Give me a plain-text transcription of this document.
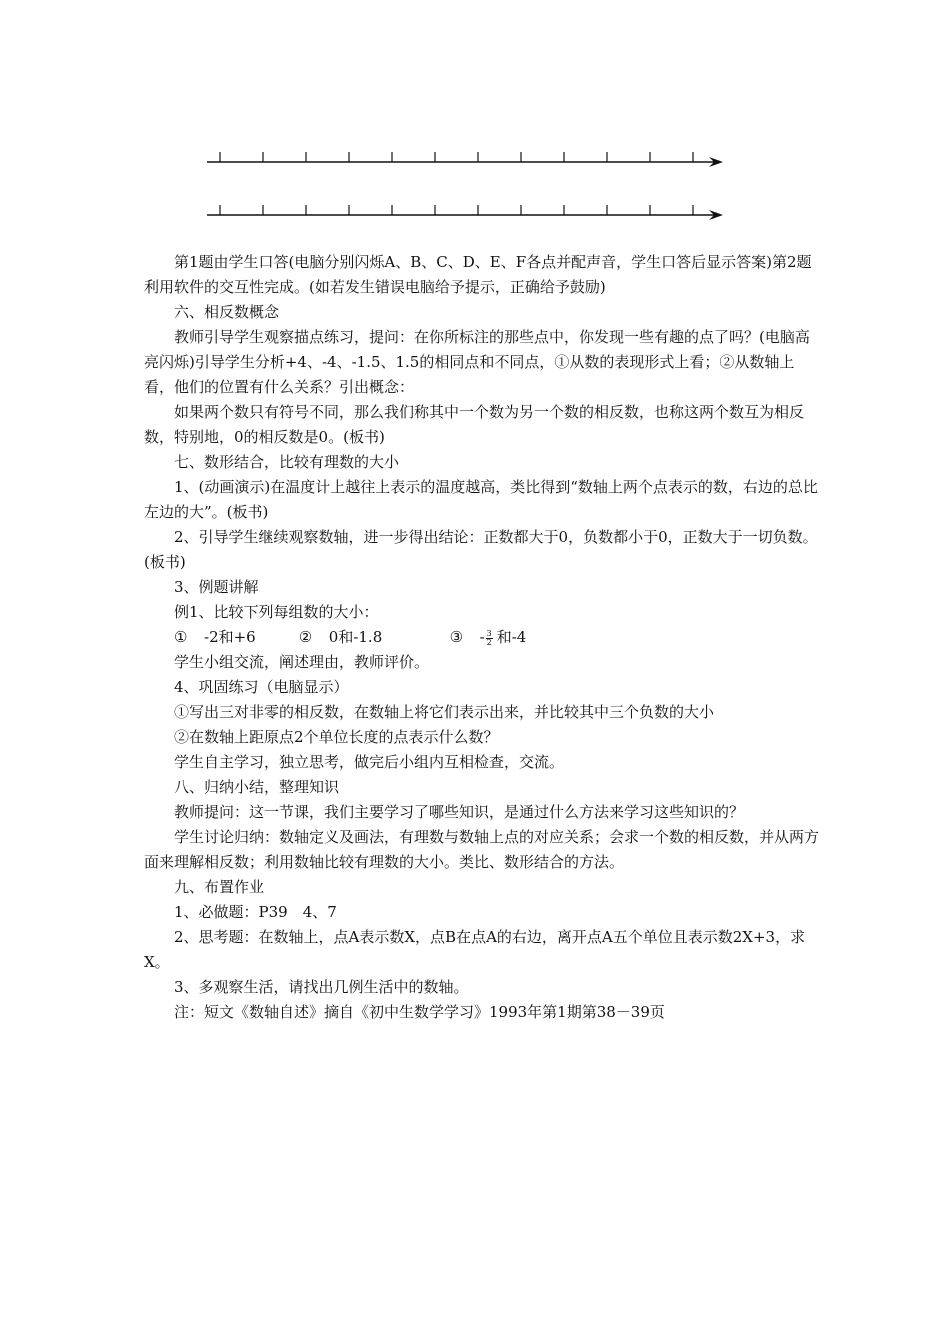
第1题由学生口答(电脑分别闪烁A、B、C、D、E、F各点并配声音，学生口答后显示答案)第2题利用软件的交互性完成。(如若发生错误电脑给予提示，正确给予鼓励)

六、相反数概念

教师引导学生观察描点练习，提问：在你所标注的那些点中，你发现一些有趣的点了吗？(电脑高亮闪烁)引导学生分析+4、-4、-1.5、1.5的相同点和不同点，①从数的表现形式上看；②从数轴上看，他们的位置有什么关系？引出概念：

如果两个数只有符号不同，那么我们称其中一个数为另一个数的相反数，也称这两个数互为相反数，特别地，0的相反数是0。(板书)

七、数形结合，比较有理数的大小

1、(动画演示)在温度计上越往上表示的温度越高，类比得到“数轴上两个点表示的数，右边的总比左边的大”。(板书)

2、引导学生继续观察数轴，进一步得出结论：正数都大于0，负数都小于0，正数大于一切负数。(板书)

3、例题讲解

例1、比较下列每组数的大小：

① -2和+6	② 0和-1.8	③ - $\frac{3}{2}$ 和-4

学生小组交流，阐述理由，教师评价。

4、巩固练习（电脑显示）

①写出三对非零的相反数，在数轴上将它们表示出来，并比较其中三个负数的大小

②在数轴上距原点2个单位长度的点表示什么数？

学生自主学习，独立思考，做完后小组内互相检查，交流。

八、归纳小结，整理知识

教师提问：这一节课，我们主要学习了哪些知识，是通过什么方法来学习这些知识的？

学生讨论归纳：数轴定义及画法，有理数与数轴上点的对应关系；会求一个数的相反数，并从两方面来理解相反数；利用数轴比较有理数的大小。类比、数形结合的方法。

九、布置作业

1、必做题：P39　4、7

2、思考题：在数轴上，点A表示数X，点B在点A的右边，离开点A五个单位且表示数2X+3，求X。

3、多观察生活，请找出几例生活中的数轴。

注：短文《数轴自述》摘自《初中生数学学习》1993年第1期第38－39页
